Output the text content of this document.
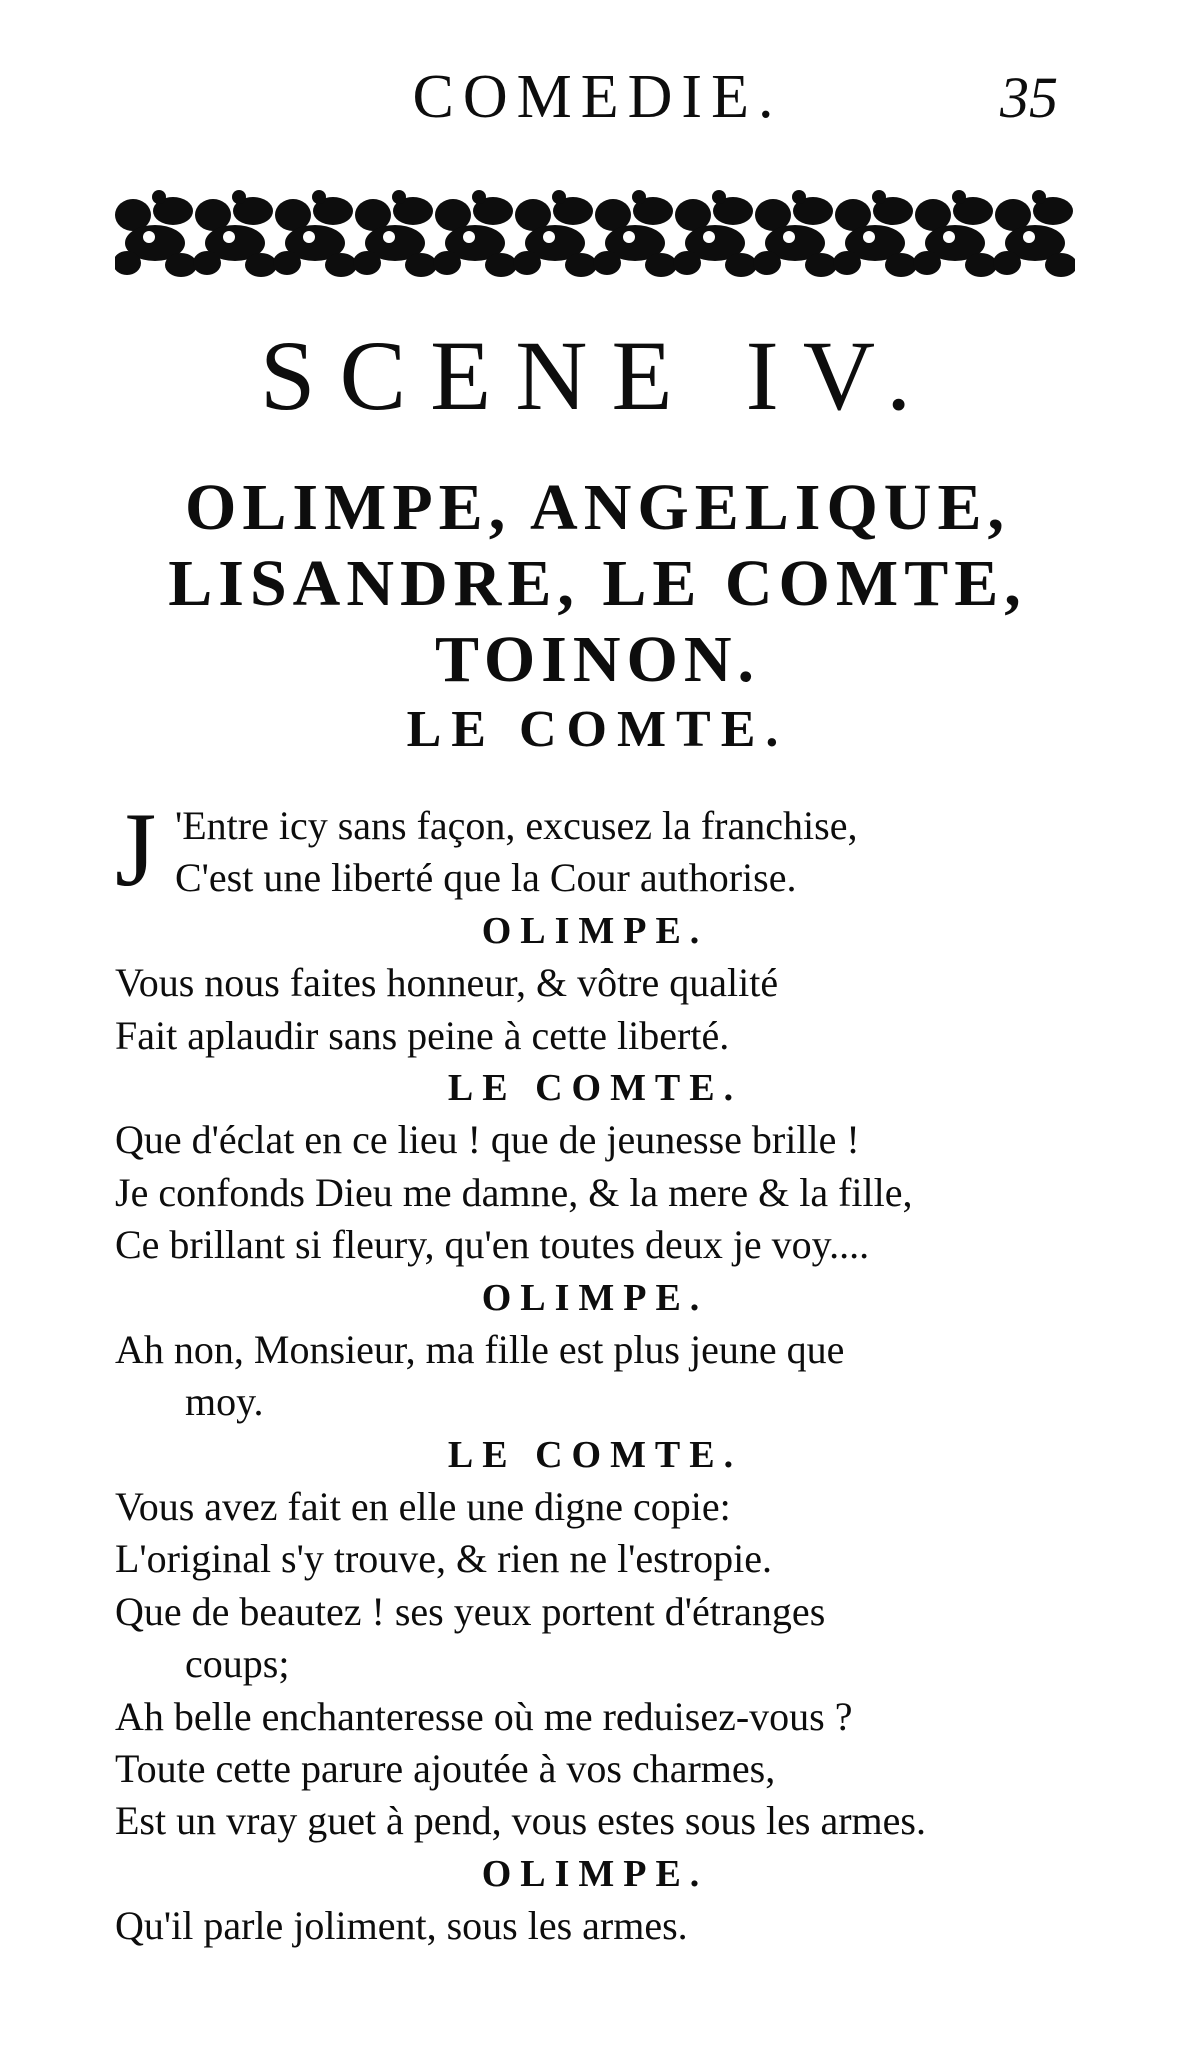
COMEDIE.	35
SCENE IV.
OLIMPE, ANGELIQUE,
LISANDRE, LE COMTE,
TOINON.
LE COMTE.
J 'Entre icy sans façon, excusez la franchise,
C'est une liberté que la Cour authorise.
OLIMPE.
Vous nous faites honneur, & vôtre qualité
Fait aplaudir sans peine à cette liberté.
LE COMTE.
Que d'éclat en ce lieu ! que de jeunesse brille !
Je confonds Dieu me damne, & la mere & la fille,
Ce brillant si fleury, qu'en toutes deux je voy....
OLIMPE.
Ah non, Monsieur, ma fille est plus jeune que
moy.
LE COMTE.
Vous avez fait en elle une digne copie:
L'original s'y trouve, & rien ne l'estropie.
Que de beautez ! ses yeux portent d'étranges
coups;
Ah belle enchanteresse où me reduisez-vous ?
Toute cette parure ajoutée à vos charmes,
Est un vray guet à pend, vous estes sous les armes.
OLIMPE.
Qu'il parle joliment, sous les armes.
